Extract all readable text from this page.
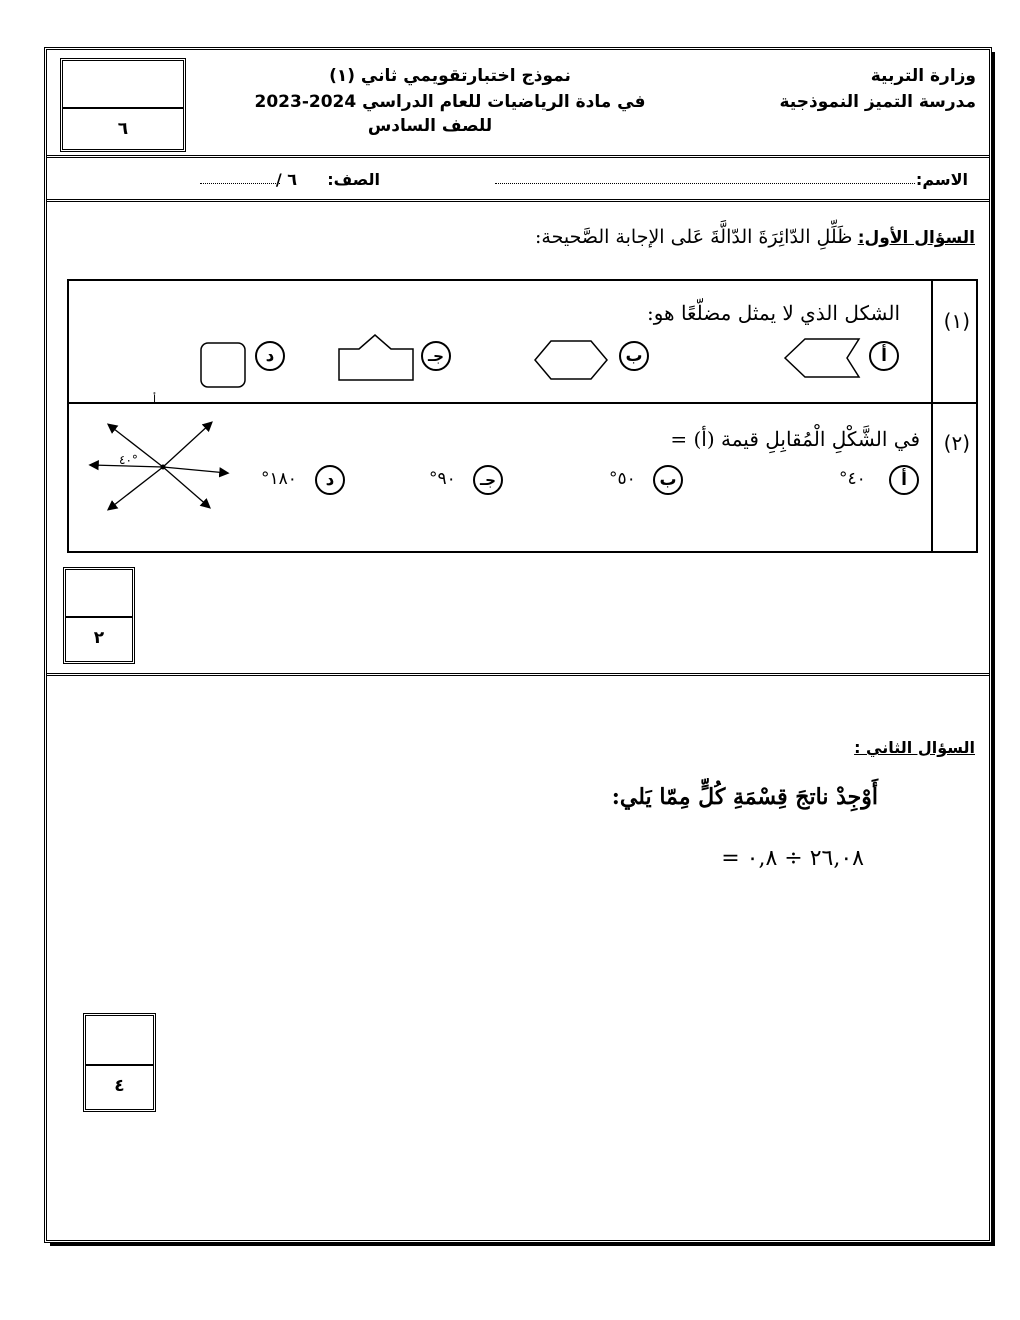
وزارة التربية
مدرسة التميز النموذجية
نموذج اختبارتقويمي ثاني (١)
في مادة الرياضيات للعام الدراسي 2024-2023
للصف السادس
٦
الاسم:
الصف:
٦ /
السؤال الأول: ظَلِّلِ الدّائِرَةَ الدّالَّةَ عَلى الإجابة الصَّحيحة:
(١)
الشكل الذي لا يمثل مضلّعًا هو:
أ
ب
جـ
د
(٢)
في الشَّكْلِ الْمُقابِلِ قيمة (أ) =
أ
٤٠°
ب
٥٠°
جـ
٩٠°
د
١٨٠°
٤٠°
أ
٢
السؤال الثاني :
أَوْجِدْ ناتجَ قِسْمَةِ كُلٍّ مِمّا يَلي:
٢٦,٠٨ ÷ ٠,٨ =
٤
